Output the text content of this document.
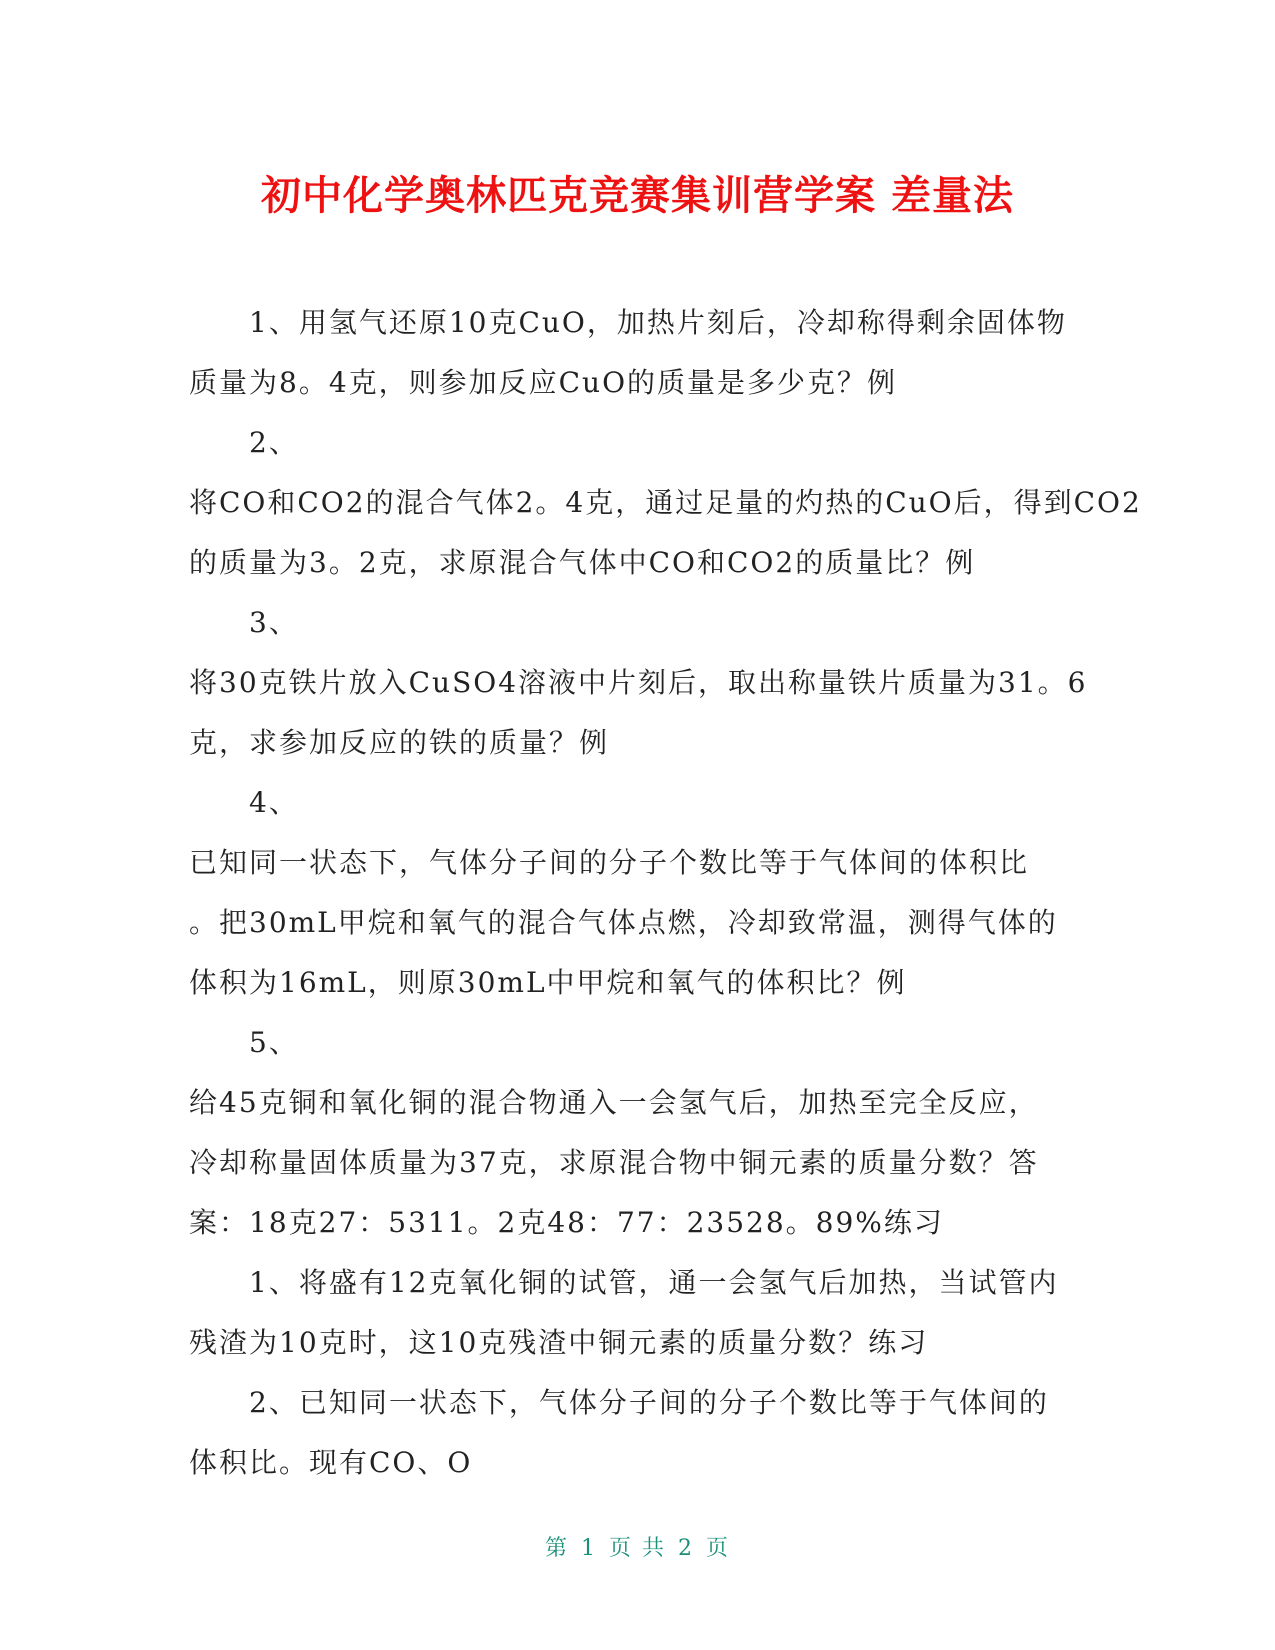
初中化学奥林匹克竞赛集训营学案 差量法
1、用氢气还原10克CuO，加热片刻后，冷却称得剩余固体物
质量为8。4克，则参加反应CuO的质量是多少克？例
2、
将CO和CO2的混合气体2。4克，通过足量的灼热的CuO后，得到CO2
的质量为3。2克，求原混合气体中CO和CO2的质量比？例
3、
将30克铁片放入CuSO4溶液中片刻后，取出称量铁片质量为31。6
克，求参加反应的铁的质量？例
4、
已知同一状态下，气体分子间的分子个数比等于气体间的体积比
。把30mL甲烷和氧气的混合气体点燃，冷却致常温，测得气体的
体积为16mL，则原30mL中甲烷和氧气的体积比？例
5、
给45克铜和氧化铜的混合物通入一会氢气后，加热至完全反应，
冷却称量固体质量为37克，求原混合物中铜元素的质量分数？答
案：18克27：5311。2克48：77：23528。89%练习
1、将盛有12克氧化铜的试管，通一会氢气后加热，当试管内
残渣为10克时，这10克残渣中铜元素的质量分数？练习
2、已知同一状态下，气体分子间的分子个数比等于气体间的
体积比。现有CO、O
第 1 页 共 2 页
